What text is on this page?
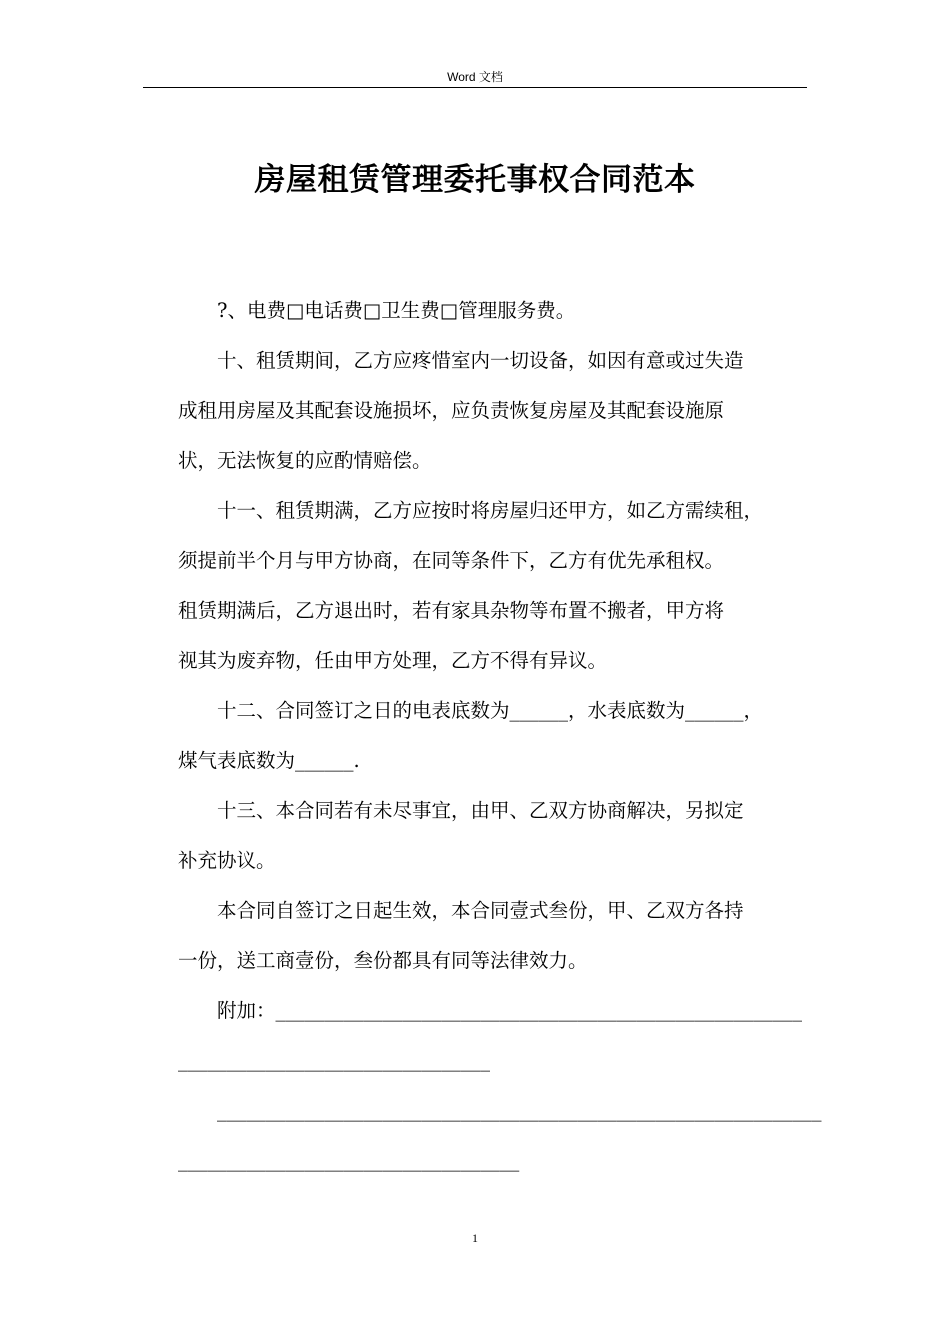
Word 文档
房屋租赁管理委托事权合同范本

?、电费□电话费□卫生费□管理服务费。

十、租赁期间，乙方应疼惜室内一切设备，如因有意或过失造

成租用房屋及其配套设施损坏，应负责恢复房屋及其配套设施原

状，无法恢复的应酌情赔偿。

十一、租赁期满，乙方应按时将房屋归还甲方，如乙方需续租，

须提前半个月与甲方协商，在同等条件下，乙方有优先承租权。

租赁期满后，乙方退出时，若有家具杂物等布置不搬者，甲方将

视其为废弃物，任由甲方处理，乙方不得有异议。

十二、合同签订之日的电表底数为______，水表底数为______，

煤气表底数为______.

十三、本合同若有未尽事宜，由甲、乙双方协商解决，另拟定

补充协议。

本合同自签订之日起生效，本合同壹式叁份，甲、乙双方各持

一份，送工商壹份，叁份都具有同等法律效力。

附加：______________________________________________________

________________________________

______________________________________________________________

___________________________________

1
